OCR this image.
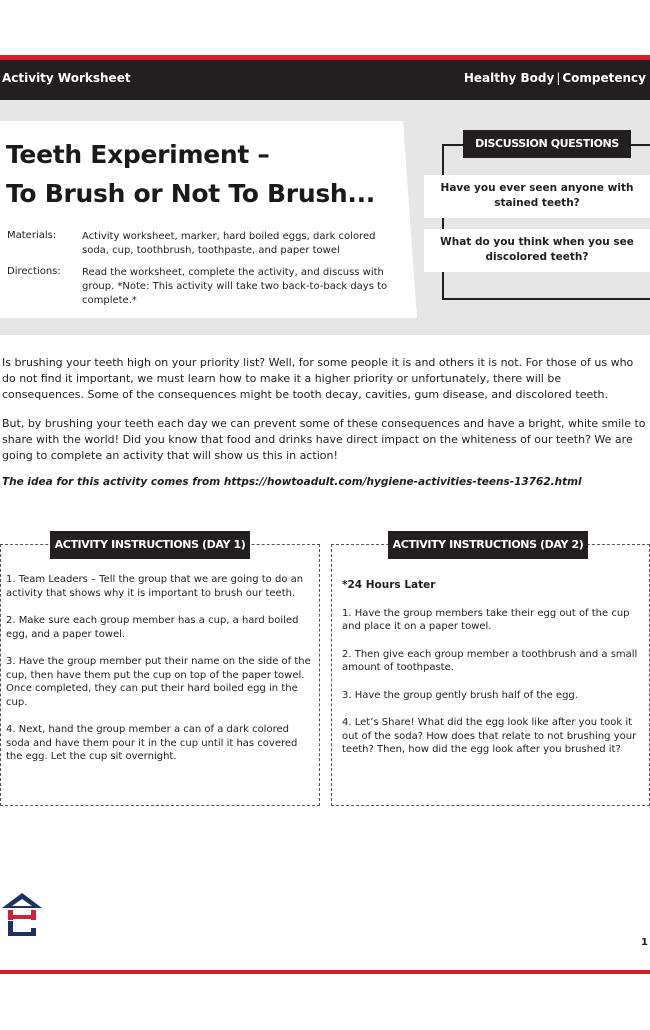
Activity Worksheet	Healthy Body | Competency
Teeth Experiment –
To Brush or Not To Brush...
Materials:	Activity worksheet, marker, hard boiled eggs, dark colored soda, cup, toothbrush, toothpaste, and paper towel
Directions: Read the worksheet, complete the activity, and discuss with group. *Note: This activity will take two back-to-back days to complete.*
DISCUSSION QUESTIONS
Have you ever seen anyone with stained teeth?
What do you think when you see discolored teeth?
Is brushing your teeth high on your priority list? Well, for some people it is and others it is not. For those of us who do not find it important, we must learn how to make it a higher priority or unfortunately, there will be consequences. Some of the consequences might be tooth decay, cavities, gum disease, and discolored teeth.
But, by brushing your teeth each day we can prevent some of these consequences and have a bright, white smile to share with the world! Did you know that food and drinks have direct impact on the whiteness of our teeth? We are going to complete an activity that will show us this in action!
The idea for this activity comes from https://howtoadult.com/hygiene-activities-teens-13762.html
ACTIVITY INSTRUCTIONS (DAY 1)

1. Team Leaders – Tell the group that we are going to do an activity that shows why it is important to brush our teeth.

2. Make sure each group member has a cup, a hard boiled egg, and a paper towel.

3. Have the group member put their name on the side of the cup, then have them put the cup on top of the paper towel. Once completed, they can put their hard boiled egg in the cup.

4. Next, hand the group member a can of a dark colored soda and have them pour it in the cup until it has covered the egg. Let the cup sit overnight.

ACTIVITY INSTRUCTIONS (DAY 2)

*24 Hours Later

1. Have the group members take their egg out of the cup and place it on a paper towel.

2. Then give each group member a toothbrush and a small amount of toothpaste.

3. Have the group gently brush half of the egg.

4. Let’s Share! What did the egg look like after you took it out of the soda? How does that relate to not brushing your teeth? Then, how did the egg look after you brushed it?

1
